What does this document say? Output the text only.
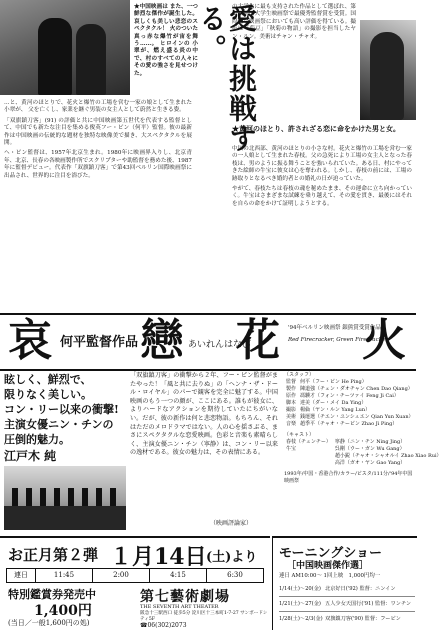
★中国映画は また、一つ鮮烈な傑作が誕生した。哀しくも美しい悲恋のスペクタクル！ 火のついた真っ赤な爆竹が宙を舞う……。 ヒロインの 小翠が、燃え盛る炎の中で、村のすべての人々に その愛の強さを見せつけた。	愛は挑戦する。 の大学生に最も支持された作品として選ばれ、第１回中国大学生映画祭で最優秀監督賞を受賞。国際的な映画祭においても高い評価を得ている。撮影は「菊豆」「秋菊の物語」の撮影を担当したヤン・ルン。美術はチャン・チャオ。

…と、黄河のほとりで、花火と爆竹の工場を営む一家の娘として生まれた小翠が、 父を亡くし、家業を継ぐ男装の女主人として蔚然と生きる姿。

「双旗鎮刀客」(91) の評価と共に中国映画第五世代を代表する監督として、中国でも新たな注目を集める俊英フー・ピン（何平）監督。彼の最新作は中国映画の伝統的な題材を独特な映像美で描き、大スペクタクルを展開。

ヘ・ピン監督は、1957年北京生まれ。1980年に映画界入りし、北京青年、北京、長春の各映画製作所でスクリプターや助監督を務めた後、1987年に監督デビュー。代表作「双旗鎮刀客」で第43回ベルリン国際映画祭に出品され、世界的に注目を浴びた。

★黄河のほとり、許されざる恋に命をかけた男と女。

中国の北西部、黄河のほとりの小さな村。花火と爆竹の工場を営む一家の一人娘として生まれた春枝。父の急死により工場の女主人となった春枝は、男のように振る舞うことを強いられていた。ある日、村にやってきた絵師の牛宝に彼女は心を奪われる。しかし、春枝の前には、工場の跡取りとなるべき婚約者との婚礼の日が迫っていた。

やがて、春枝たちは春枝の魂を秘めたまま、その運命に立ち向かっていく。牛宝はさまざまな試練を乗り越えて、その愛を貫き、最後にはそれを自らの命をかけて証明しようとする。

哀 何平監督作品 戀 あいれんはなび
花 '94年ベルリン映画祭 銀熊賞受賞作品
Red Firecracker, Green Firecracker
火
眩しく、鮮烈で、
限りなく美しい。
コン・リー以来の衝撃!
主演女優ニン・チンの
圧倒的魅力。
江戸木 純

「双旗鎮刀客」の衝撃から２年、フー・ピン監督がまたやった！「風と共に去りぬ」の「ヘンナ・ザ・ドール・ロイヤル」のパーで観客を完全に魅了する。中国映画のもう一つの顔が、ここにある。誰もが彼女に、よりハードなアクションを期待していたにちがいない。だが、彼の新作は何と悲恋物語。もちろん、それはただのメロドラマではない。人の心を揺さぶる、まさにスペクタクルな恋愛映画。色彩と音楽も素晴らしく、主演女優ニン・チン（寧静）は、コン・リー以来の逸材である。彼女の魅力は、その表情にある。

（映画評論家）
（スタッフ）
監督	何平（フー・ピン He Ping）
製作	陳道強（チェン・ダオチャン Chen Dao Qiang）
原作	馮驥才（フォン・チーツァイ Feng Ji Cai）
脚本	達美（ダー・メイ Da Ying）
撮影	楊倫（ヤン・ルン Yang Lun）
美術	銭運選（チエン・ユンシュエン Qian Yun Xuan）
音楽	趙季平（チャオ・チーピン Zhao Ji Ping）
（キャスト）
春枝（チュンチー）	寧静（ニン・チン Ning Jing）
牛宝	呉剛（ウー・ガン Wu Gang）
	趙小鋭（チャオ・シャオルイ Zhao Xiao Rui）
	高洋（ガオ・ヤン Gao Yang）
1993年/中国・香港合作/カラー/ビスタ/111分/'94年中国映画祭
お正月第２弾 １月14日 (土)より
連日	11:45	2:00	4:15	6:30
特別鑑賞券発売中
1,400円
(当日／一般1,600円の処)
第七藝術劇場
THE SEVENTH ART THEATER
阪急十三駅西口 徒歩5分 淀川区十三本町1-7-27 サンポードシティ5F
☎06(302)2073
モーニングショー
［中国映画傑作選］
連日 AM10:00～ 1回上映　1,000円均一
1/14(土)～20(金) 北京好日('92) 監督：ニンイン
1/21(土)～27(金) 五人少女天国行('91) 監督：ワンチン
1/28(土)～2/3(金) 双旗鎮刀客('90) 監督：フーピン
